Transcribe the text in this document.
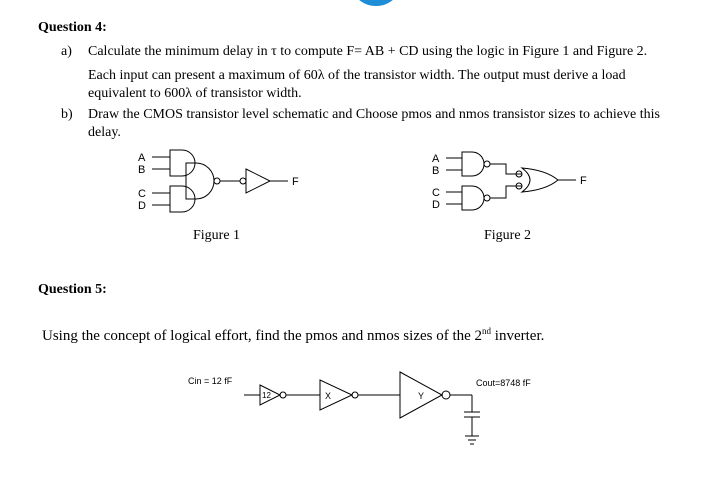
Question 4:
a) Calculate the minimum delay in τ to compute F= AB + CD using the logic in Figure 1 and Figure 2.
Each input can present a maximum of 60λ of the transistor width. The output must derive a load
equivalent to 600λ of transistor width.
b) Draw the CMOS transistor level schematic and Choose pmos and nmos transistor sizes to achieve this
delay.
A
B
C
D
F
Figure 1
A
B
C
D
F
Figure 2
Question 5:
Using the concept of logical effort, find the pmos and nmos sizes of the 2nd inverter.
Cin = 12 fF
12	X	Y
Cout=8748 fF
